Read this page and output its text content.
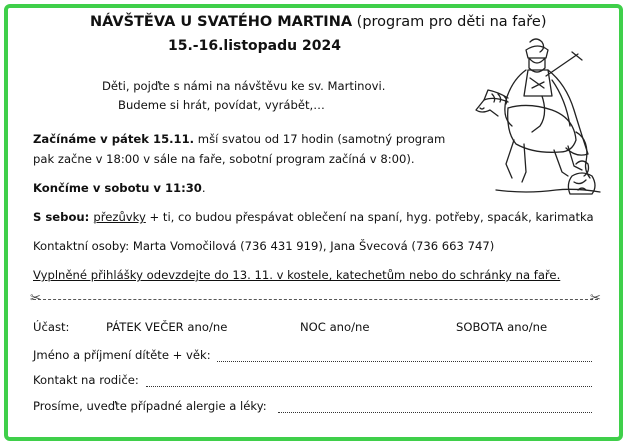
NÁVŠTĚVA U SVATÉHO MARTINA (program pro děti na faře)
15.-16.listopadu 2024
Děti, pojďte s námi na návštěvu ke sv. Martinovi.
Budeme si hrát, povídat, vyrábět,…
Začínáme v pátek 15.11. mší svatou od 17 hodin (samotný program
pak začne v 18:00 v sále na faře, sobotní program začíná v 8:00).
Končíme v sobotu v 11:30.
S sebou: přezůvky + ti, co budou přespávat oblečení na spaní, hyg. potřeby, spacák, karimatka
Kontaktní osoby: Marta Vomočilová (736 431 919), Jana Švecová (736 663 747)
Vyplněné přihlášky odevzdejte do 13. 11. v kostele, katechetům nebo do schránky na faře.
✂	✂
Účast:	PÁTEK VEČER ano/ne	NOC ano/ne	SOBOTA ano/ne
Jméno a příjmení dítěte + věk:
Kontakt na rodiče:
Prosíme, uveďte případné alergie a léky:
